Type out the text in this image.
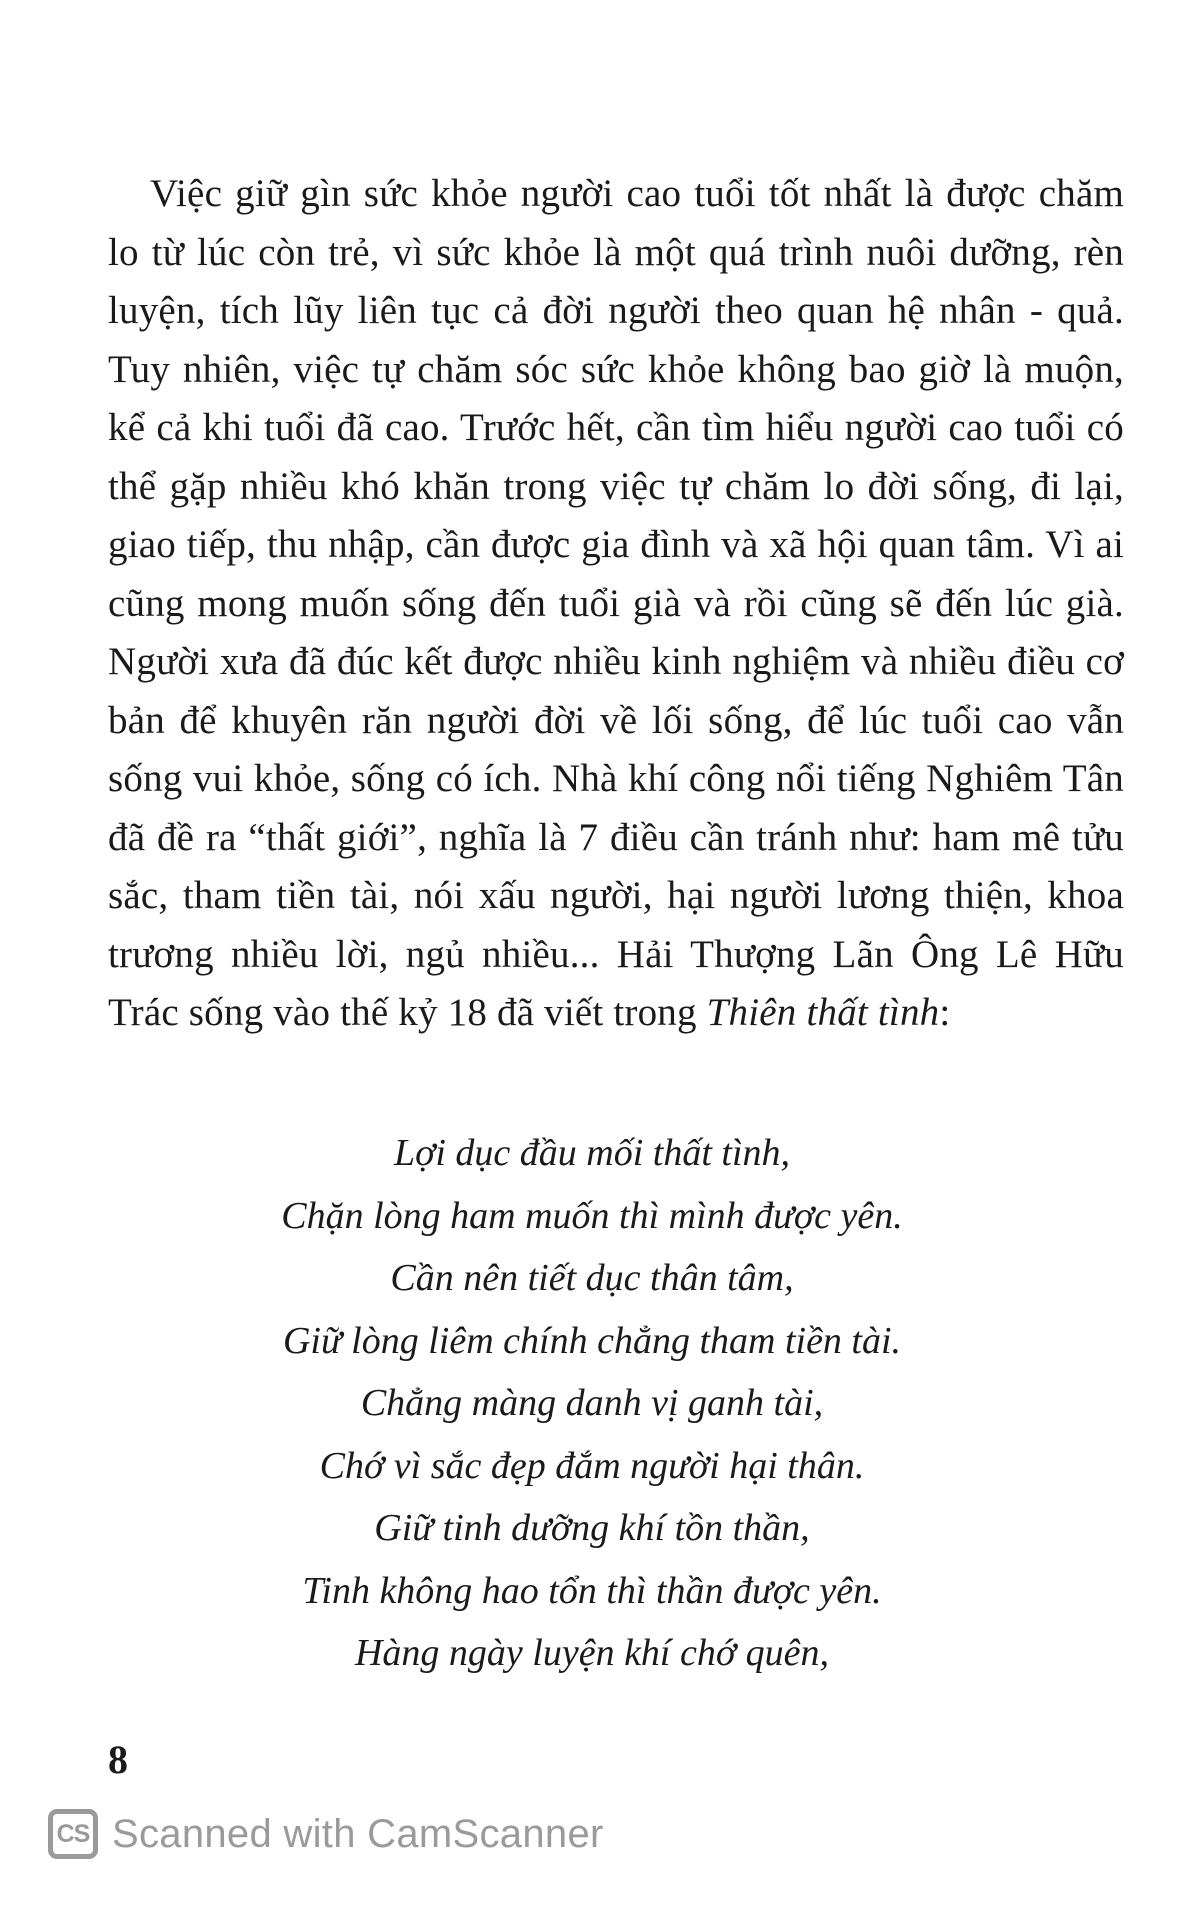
Việc giữ gìn sức khỏe người cao tuổi tốt nhất là được chăm lo từ lúc còn trẻ, vì sức khỏe là một quá trình nuôi dưỡng, rèn luyện, tích lũy liên tục cả đời người theo quan hệ nhân - quả. Tuy nhiên, việc tự chăm sóc sức khỏe không bao giờ là muộn, kể cả khi tuổi đã cao. Trước hết, cần tìm hiểu người cao tuổi có thể gặp nhiều khó khăn trong việc tự chăm lo đời sống, đi lại, giao tiếp, thu nhập, cần được gia đình và xã hội quan tâm. Vì ai cũng mong muốn sống đến tuổi già và rồi cũng sẽ đến lúc già. Người xưa đã đúc kết được nhiều kinh nghiệm và nhiều điều cơ bản để khuyên răn người đời về lối sống, để lúc tuổi cao vẫn sống vui khỏe, sống có ích. Nhà khí công nổi tiếng Nghiêm Tân đã đề ra “thất giới”, nghĩa là 7 điều cần tránh như: ham mê tửu sắc, tham tiền tài, nói xấu người, hại người lương thiện, khoa trương nhiều lời, ngủ nhiều... Hải Thượng Lãn Ông Lê Hữu Trác sống vào thế kỷ 18 đã viết trong Thiên thất tình:

Lợi dục đầu mối thất tình,
Chặn lòng ham muốn thì mình được yên.
Cần nên tiết dục thân tâm,
Giữ lòng liêm chính chẳng tham tiền tài.
Chẳng màng danh vị ganh tài,
Chớ vì sắc đẹp đắm người hại thân.
Giữ tinh dưỡng khí tồn thần,
Tinh không hao tổn thì thần được yên.
Hàng ngày luyện khí chớ quên,
8
CS Scanned with CamScanner
